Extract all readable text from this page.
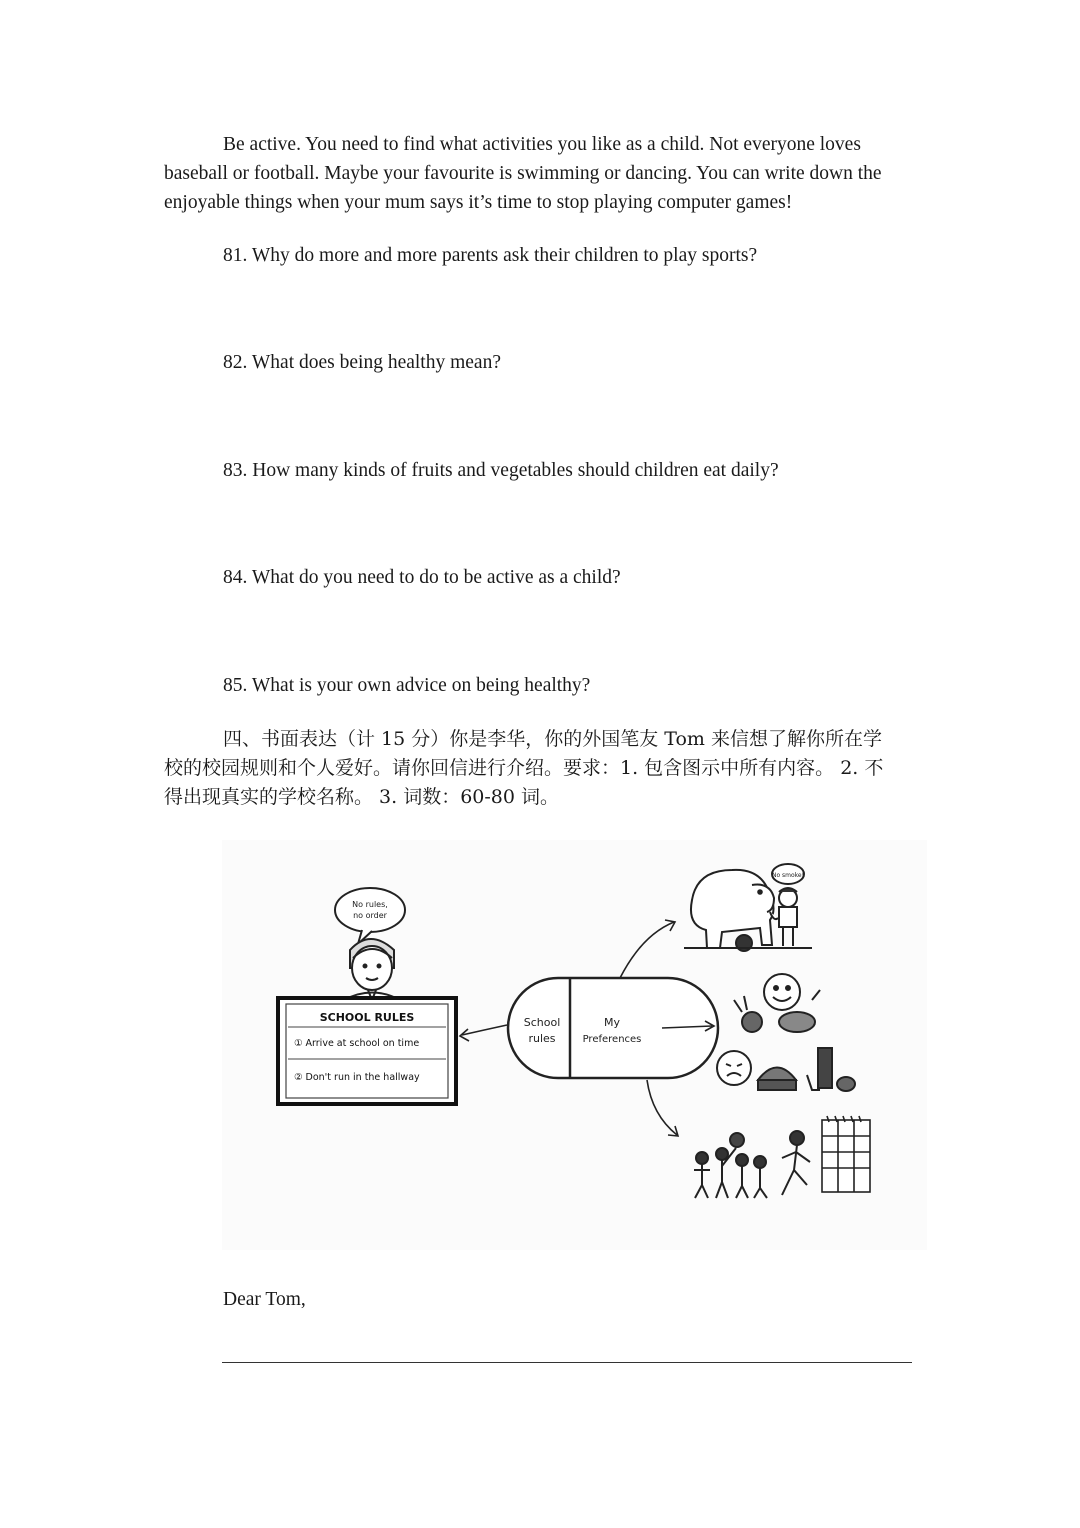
Be active. You need to find what activities you like as a child. Not everyone loves
baseball or football. Maybe your favourite is swimming or dancing. You can write down the
enjoyable things when your mum says it’s time to stop playing computer games!
81. Why do more and more parents ask their children to play sports?
82. What does being healthy mean?
83. How many kinds of fruits and vegetables should children eat daily?
84. What do you need to do to be active as a child?
85. What is your own advice on being healthy?
四、书面表达（计 15 分）你是李华，你的外国笔友 Tom 来信想了解你所在学
校的校园规则和个人爱好。请你回信进行介绍。要求：1. 包含图示中所有内容。 2. 不
得出现真实的学校名称。 3. 词数：60-80 词。
No rules,
no order
SCHOOL RULES
① Arrive at school on time
② Don't run in the hallway
School
rules
My
Preferences
No smoke!
Dear Tom,
